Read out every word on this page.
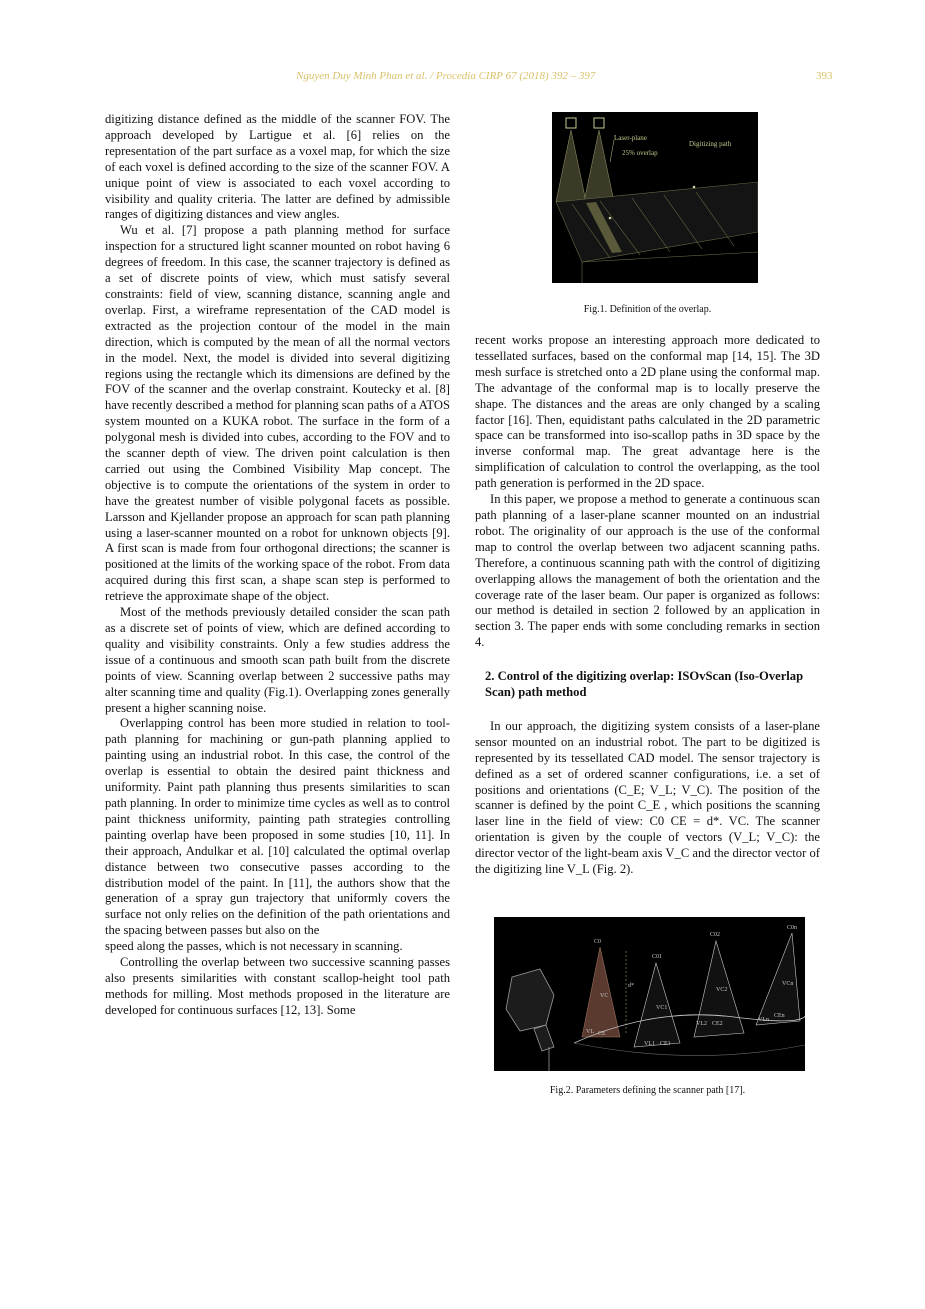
Nguyen Duy Minh Phan et al. / Procedia CIRP 67 (2018) 392 – 397	393

digitizing distance defined as the middle of the scanner FOV. The approach developed by Lartigue et al. [6] relies on the representation of the part surface as a voxel map, for which the size of each voxel is defined according to the size of the scanner FOV. A unique point of view is associated to each voxel according to visibility and quality criteria. The latter are defined by admissible ranges of digitizing distances and view angles.

Wu et al. [7] propose a path planning method for surface inspection for a structured light scanner mounted on robot having 6 degrees of freedom. In this case, the scanner trajectory is defined as a set of discrete points of view, which must satisfy several constraints: field of view, scanning distance, scanning angle and overlap. First, a wireframe representation of the CAD model is extracted as the projection contour of the model in the main direction, which is computed by the mean of all the normal vectors in the model. Next, the model is divided into several digitizing regions using the rectangle which its dimensions are defined by the FOV of the scanner and the overlap constraint. Koutecky et al. [8] have recently described a method for planning scan paths of a ATOS system mounted on a KUKA robot. The surface in the form of a polygonal mesh is divided into cubes, according to the FOV and to the scanner depth of view. The driven point calculation is then carried out using the Combined Visibility Map concept. The objective is to compute the orientations of the system in order to have the greatest number of visible polygonal facets as possible. Larsson and Kjellander propose an approach for scan path planning using a laser-scanner mounted on a robot for unknown objects [9]. A first scan is made from four orthogonal directions; the scanner is positioned at the limits of the working space of the robot. From data acquired during this first scan, a shape scan step is performed to retrieve the approximate shape of the object.

Most of the methods previously detailed consider the scan path as a discrete set of points of view, which are defined according to quality and visibility constraints. Only a few studies address the issue of a continuous and smooth scan path built from the discrete points of view. Scanning overlap between 2 successive paths may alter scanning time and quality (Fig.1). Overlapping zones generally present a higher scanning noise.

Overlapping control has been more studied in relation to tool-path planning for machining or gun-path planning applied to painting using an industrial robot. In this case, the control of the overlap is essential to obtain the desired paint thickness and uniformity. Paint path planning thus presents similarities to scan path planning. In order to minimize time cycles as well as to control paint thickness uniformity, painting path strategies controlling painting overlap have been proposed in some studies [10, 11]. In their approach, Andulkar et al. [10] calculated the optimal overlap distance between two consecutive passes according to the distribution model of the paint. In [11], the authors show that the generation of a spray gun trajectory that uniformly covers the surface not only relies on the definition of the path orientations and the spacing between passes but also on the

speed along the passes, which is not necessary in scanning.

Controlling the overlap between two successive scanning passes also presents similarities with constant scallop-height tool path methods for milling. Most methods proposed in the literature are developed for continuous surfaces [12, 13]. Some

Laser-plane
25% overlap
Digitizing path
Fig.1. Definition of the overlap.

recent works propose an interesting approach more dedicated to tessellated surfaces, based on the conformal map [14, 15]. The 3D mesh surface is stretched onto a 2D plane using the conformal map. The advantage of the conformal map is to locally preserve the shape. The distances and the areas are only changed by a scaling factor [16]. Then, equidistant paths calculated in the 2D parametric space can be transformed into iso-scallop paths in 3D space by the inverse conformal map. The great advantage here is the simplification of calculation to control the overlapping, as the tool path generation is performed in the 2D space.

In this paper, we propose a method to generate a continuous scan path planning of a laser-plane scanner mounted on an industrial robot. The originality of our approach is the use of the conformal map to control the overlap between two adjacent scanning paths. Therefore, a continuous scanning path with the control of digitizing overlapping allows the management of both the orientation and the coverage rate of the laser beam. Our paper is organized as follows: our method is detailed in section 2 followed by an application in section 3. The paper ends with some concluding remarks in section 4.

2. Control of the digitizing overlap: ISOvScan (Iso-Overlap Scan) path method

In our approach, the digitizing system consists of a laser-plane sensor mounted on an industrial robot. The part to be digitized is represented by its tessellated CAD model. The sensor trajectory is defined as a set of ordered scanner configurations, i.e. a set of positions and orientations (C_E; V_L; V_C). The position of the scanner is defined by the point C_E , which positions the scanning laser line in the field of view: C0 CE = d*. VC. The scanner orientation is given by the couple of vectors (V_L; V_C): the director vector of the light-beam axis V_C and the director vector of the digitizing line V_L (Fig. 2).

C0
C01
C02
C0n
d*
VC
VL CE
VC1
VL1 CE1
VC2
VL2 CE2
VCn
VLn
CEn
Fig.2. Parameters defining the scanner path [17].
